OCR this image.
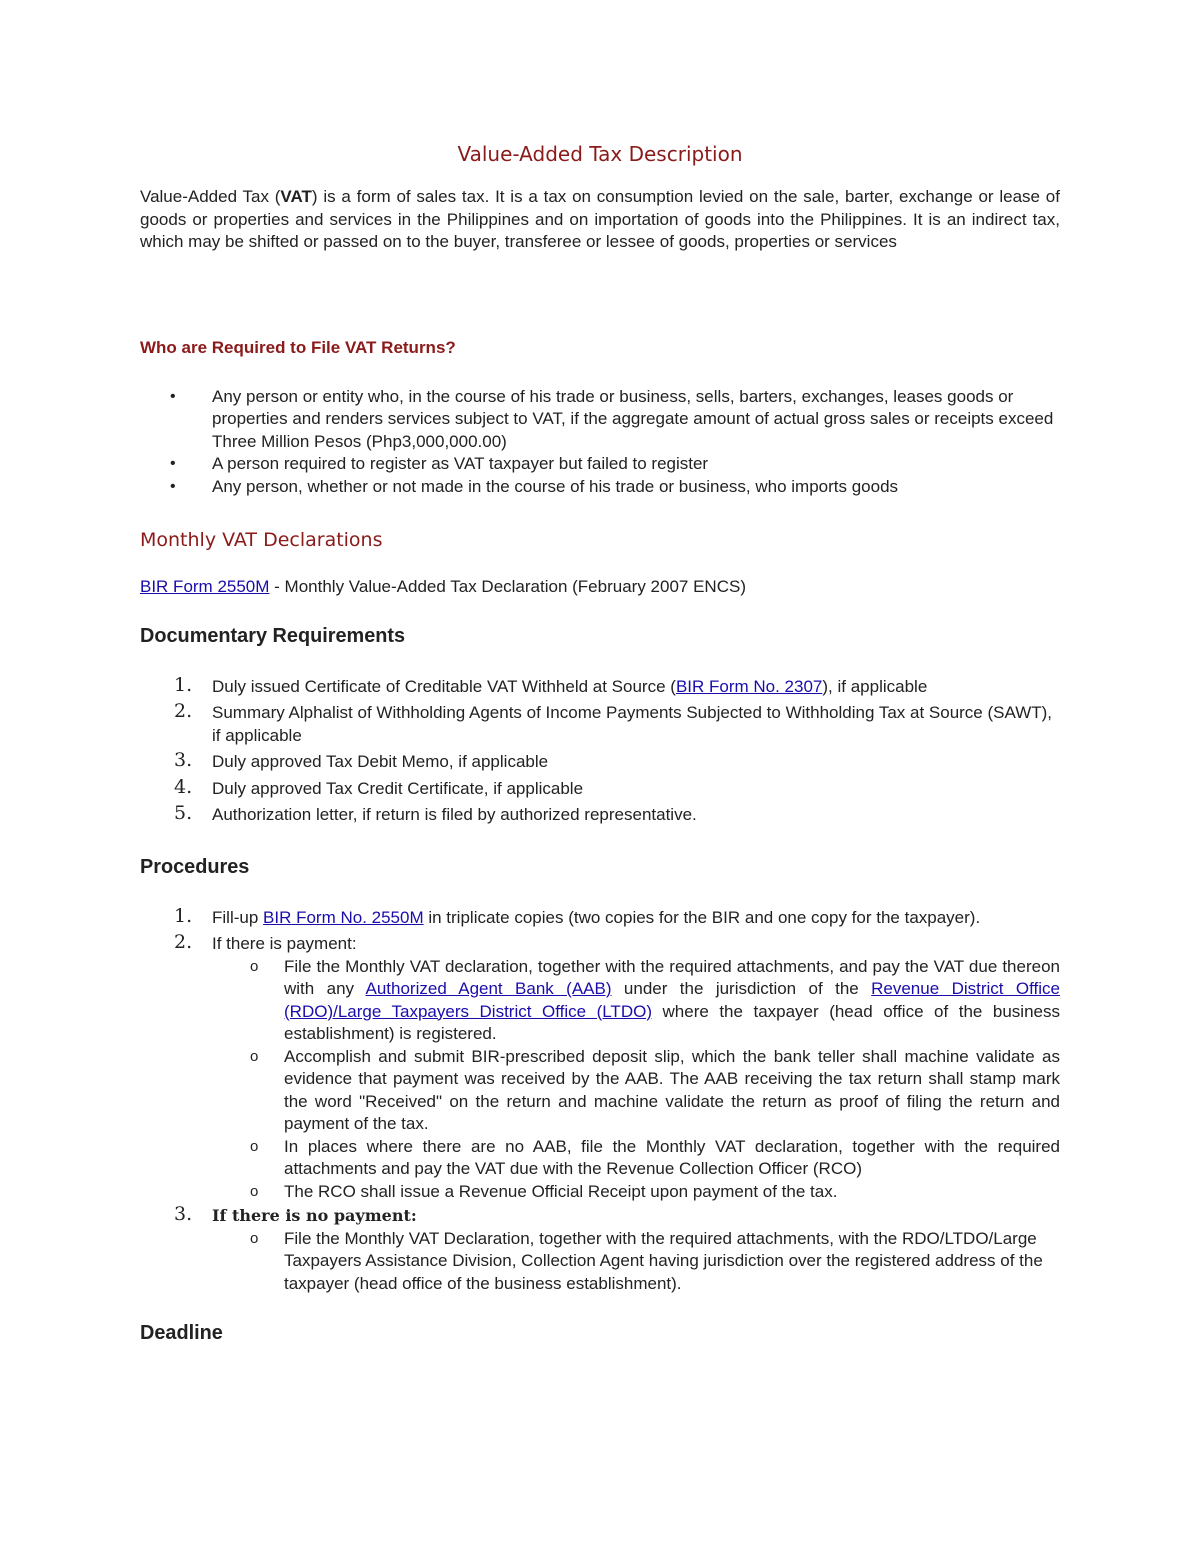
Value-Added Tax Description

Value-Added Tax (VAT) is a form of sales tax. It is a tax on consumption levied on the sale, barter, exchange or lease of goods or properties and services in the Philippines and on importation of goods into the Philippines. It is an indirect tax, which may be shifted or passed on to the buyer, transferee or lessee of goods, properties or services

Who are Required to File VAT Returns?
• Any person or entity who, in the course of his trade or business, sells, barters, exchanges, leases goods or properties and renders services subject to VAT, if the aggregate amount of actual gross sales or receipts exceed Three Million Pesos (Php3,000,000.00)
• A person required to register as VAT taxpayer but failed to register
• Any person, whether or not made in the course of his trade or business, who imports goods
Monthly VAT Declarations

BIR Form 2550M - Monthly Value-Added Tax Declaration (February 2007 ENCS)

Documentary Requirements
1. Duly issued Certificate of Creditable VAT Withheld at Source (BIR Form No. 2307), if applicable
2. Summary Alphalist of Withholding Agents of Income Payments Subjected to Withholding Tax at Source (SAWT), if applicable
3. Duly approved Tax Debit Memo, if applicable
4. Duly approved Tax Credit Certificate, if applicable
5. Authorization letter, if return is filed by authorized representative.
Procedures
1. Fill-up BIR Form No. 2550M in triplicate copies (two copies for the BIR and one copy for the taxpayer).
2. If there is payment:
o File the Monthly VAT declaration, together with the required attachments, and pay the VAT due thereon with any Authorized Agent Bank (AAB) under the jurisdiction of the Revenue District Office (RDO)/Large Taxpayers District Office (LTDO) where the taxpayer (head office of the business establishment) is registered.
o Accomplish and submit BIR-prescribed deposit slip, which the bank teller shall machine validate as evidence that payment was received by the AAB. The AAB receiving the tax return shall stamp mark the word "Received" on the return and machine validate the return as proof of filing the return and payment of the tax.
o In places where there are no AAB, file the Monthly VAT declaration, together with the required attachments and pay the VAT due with the Revenue Collection Officer (RCO)
o The RCO shall issue a Revenue Official Receipt upon payment of the tax.
3. If there is no payment:
o File the Monthly VAT Declaration, together with the required attachments, with the RDO/LTDO/Large Taxpayers Assistance Division, Collection Agent having jurisdiction over the registered address of the taxpayer (head office of the business establishment).
Deadline
